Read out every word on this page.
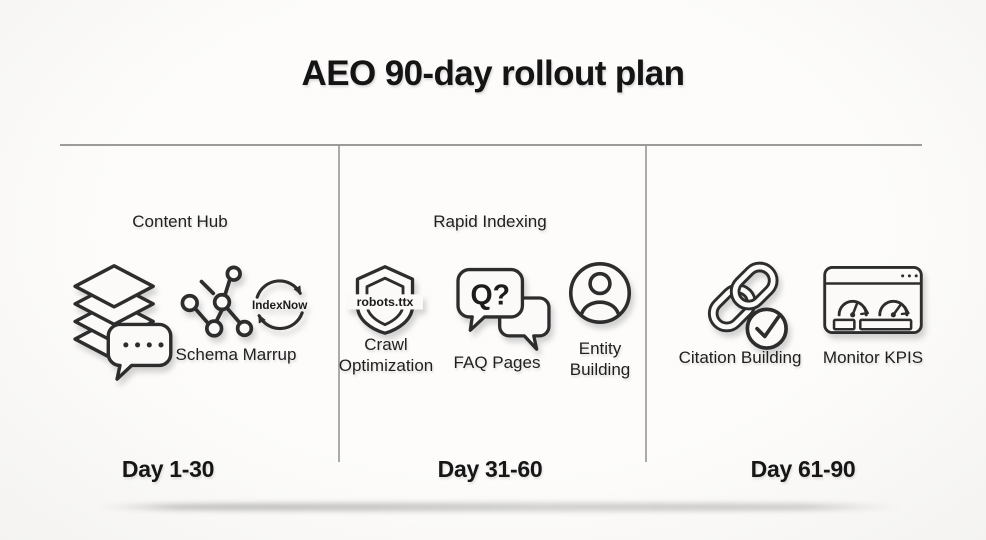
AEO 90-day rollout plan
Content Hub
IndexNow
Schema Marrup
Day 1-30
Rapid Indexing
robots.ttx
Crawl Optimization
Q?
FAQ Pages
Entity Building
Day 31-60
Citation Building	Monitor KPIS
Day 61-90
